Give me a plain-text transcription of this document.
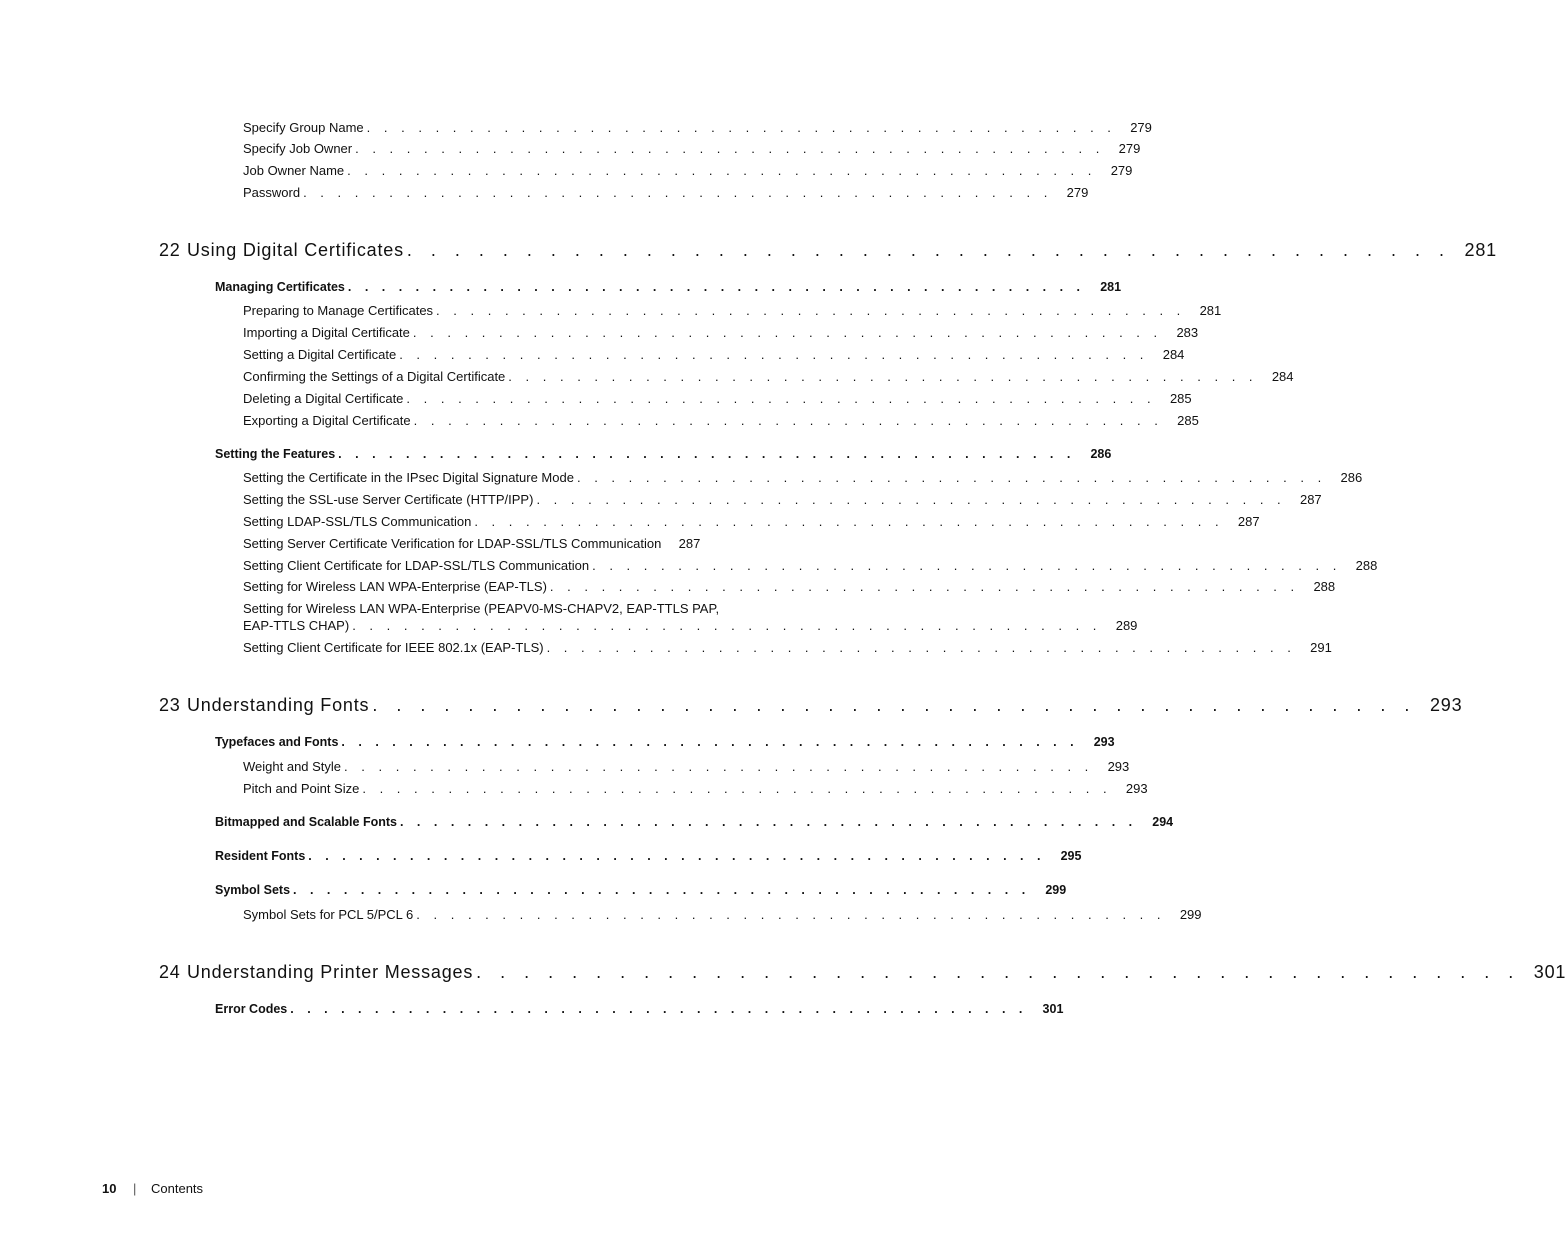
Specify Group Name . . . . . . . . . . . . . . . . . . . . . . . . . . . . . . . . . . . . . . . . . . . .	279
Specify Job Owner . . . . . . . . . . . . . . . . . . . . . . . . . . . . . . . . . . . . . . . . . . . .	279
Job Owner Name . . . . . . . . . . . . . . . . . . . . . . . . . . . . . . . . . . . . . . . . . . . .	279
Password . . . . . . . . . . . . . . . . . . . . . . . . . . . . . . . . . . . . . . . . . . . .	279
22 Using Digital Certificates . . . . . . . . . . . . . . . . . . . . . . . . . . . . . . . . . . . . . . . . . . . . 281
Managing Certificates . . . . . . . . . . . . . . . . . . . . . . . . . . . . . . . . . . . . . . . . . . . .	281
Preparing to Manage Certificates . . . . . . . . . . . . . . . . . . . . . . . . . . . . . . . . . . . . . . . . . . . .	281
Importing a Digital Certificate . . . . . . . . . . . . . . . . . . . . . . . . . . . . . . . . . . . . . . . . . . . .	283
Setting a Digital Certificate . . . . . . . . . . . . . . . . . . . . . . . . . . . . . . . . . . . . . . . . . . . .	284
Confirming the Settings of a Digital Certificate . . . . . . . . . . . . . . . . . . . . . . . . . . . . . . . . . . . . . . . . . . . .	284
Deleting a Digital Certificate . . . . . . . . . . . . . . . . . . . . . . . . . . . . . . . . . . . . . . . . . . . .	285
Exporting a Digital Certificate . . . . . . . . . . . . . . . . . . . . . . . . . . . . . . . . . . . . . . . . . . . .	285
Setting the Features . . . . . . . . . . . . . . . . . . . . . . . . . . . . . . . . . . . . . . . . . . . .	286
Setting the Certificate in the IPsec Digital Signature Mode . . . . . . . . . . . . . . . . . . . . . . . . . . . . . . . . . . . . . . . . . . . .	286
Setting the SSL-use Server Certificate (HTTP/IPP) . . . . . . . . . . . . . . . . . . . . . . . . . . . . . . . . . . . . . . . . . . . .	287
Setting LDAP-SSL/TLS Communication . . . . . . . . . . . . . . . . . . . . . . . . . . . . . . . . . . . . . . . . . . . .	287
Setting Server Certificate Verification for LDAP-SSL/TLS Communication	287
Setting Client Certificate for LDAP-SSL/TLS Communication . . . . . . . . . . . . . . . . . . . . . . . . . . . . . . . . . . . . . . . . . . . .	288
Setting for Wireless LAN WPA-Enterprise (EAP-TLS) . . . . . . . . . . . . . . . . . . . . . . . . . . . . . . . . . . . . . . . . . . . .	288
Setting for Wireless LAN WPA-Enterprise (PEAPV0-MS-CHAPV2, EAP-TTLS PAP,
EAP-TTLS CHAP) . . . . . . . . . . . . . . . . . . . . . . . . . . . . . . . . . . . . . . . . . . . .	289
Setting Client Certificate for IEEE 802.1x (EAP-TLS) . . . . . . . . . . . . . . . . . . . . . . . . . . . . . . . . . . . . . . . . . . . .	291
23 Understanding Fonts . . . . . . . . . . . . . . . . . . . . . . . . . . . . . . . . . . . . . . . . . . . . 293
Typefaces and Fonts . . . . . . . . . . . . . . . . . . . . . . . . . . . . . . . . . . . . . . . . . . . .	293
Weight and Style . . . . . . . . . . . . . . . . . . . . . . . . . . . . . . . . . . . . . . . . . . . .	293
Pitch and Point Size . . . . . . . . . . . . . . . . . . . . . . . . . . . . . . . . . . . . . . . . . . . .	293
Bitmapped and Scalable Fonts . . . . . . . . . . . . . . . . . . . . . . . . . . . . . . . . . . . . . . . . . . . .	294
Resident Fonts . . . . . . . . . . . . . . . . . . . . . . . . . . . . . . . . . . . . . . . . . . . .	295
Symbol Sets . . . . . . . . . . . . . . . . . . . . . . . . . . . . . . . . . . . . . . . . . . . .	299
Symbol Sets for PCL 5/PCL 6 . . . . . . . . . . . . . . . . . . . . . . . . . . . . . . . . . . . . . . . . . . . .	299
24 Understanding Printer Messages . . . . . . . . . . . . . . . . . . . . . . . . . . . . . . . . . . . . . . . . . . . . 301
Error Codes . . . . . . . . . . . . . . . . . . . . . . . . . . . . . . . . . . . . . . . . . . . .	301
10 | Contents
